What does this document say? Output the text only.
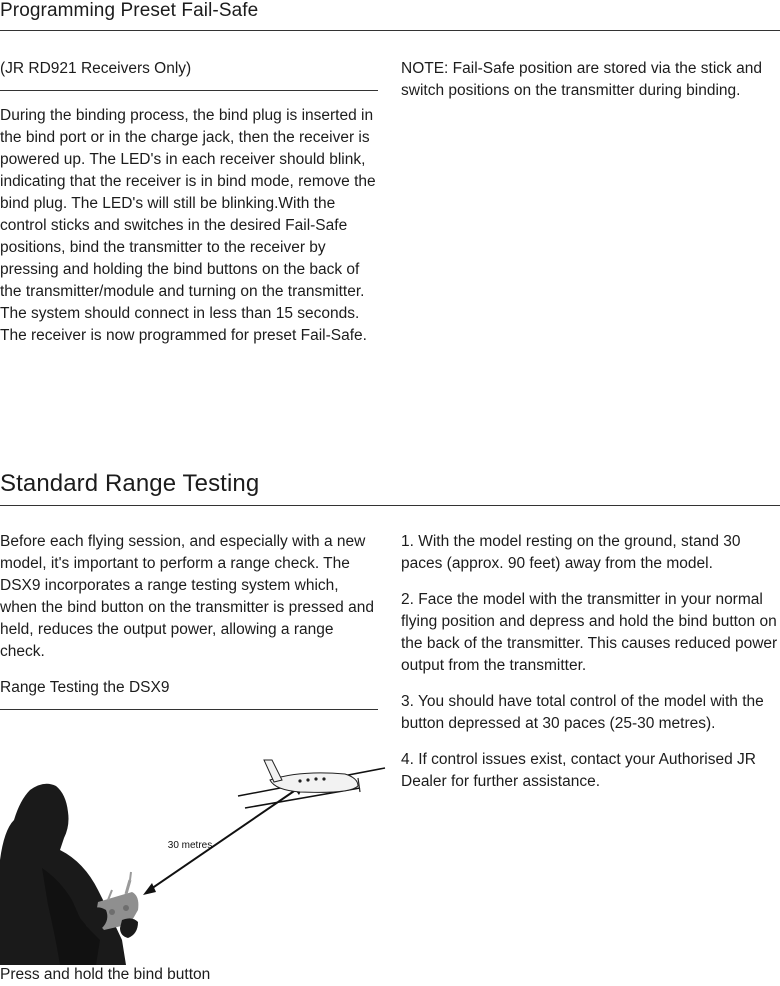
Programming Preset Fail-Safe

(JR RD921 Receivers Only)

During the binding process, the bind plug is inserted in the bind port or in the charge jack, then the receiver is powered up. The LED's in each receiver should blink, indicating that the receiver is in bind mode, remove the bind plug. The LED's will still be blinking.With the control sticks and switches in the desired Fail-Safe positions, bind the transmitter to the receiver by pressing and holding the bind buttons on the back of the transmitter/module and turning on the transmitter. The system should connect in less than 15 seconds. The receiver is now programmed for preset Fail-Safe.

NOTE: Fail-Safe position are stored via the stick and switch positions on the transmitter during binding.

Standard Range Testing

Before each flying session, and especially with a new model, it's important to perform a range check. The DSX9 incorporates a range testing system which, when the bind button on the transmitter is pressed and held, reduces the output power, allowing a range check.

Range Testing the DSX9

1. With the model resting on the ground, stand 30 paces (approx. 90 feet) away from the model.

2. Face the model with the transmitter in your normal flying position and depress and hold the bind button on the back of the transmitter. This causes reduced power output from the transmitter.

3. You should have total control of the model with the button depressed at 30 paces (25-30 metres).

4. If control issues exist, contact your Authorised JR Dealer for further assistance.

30 metres
Press and hold the bind button
